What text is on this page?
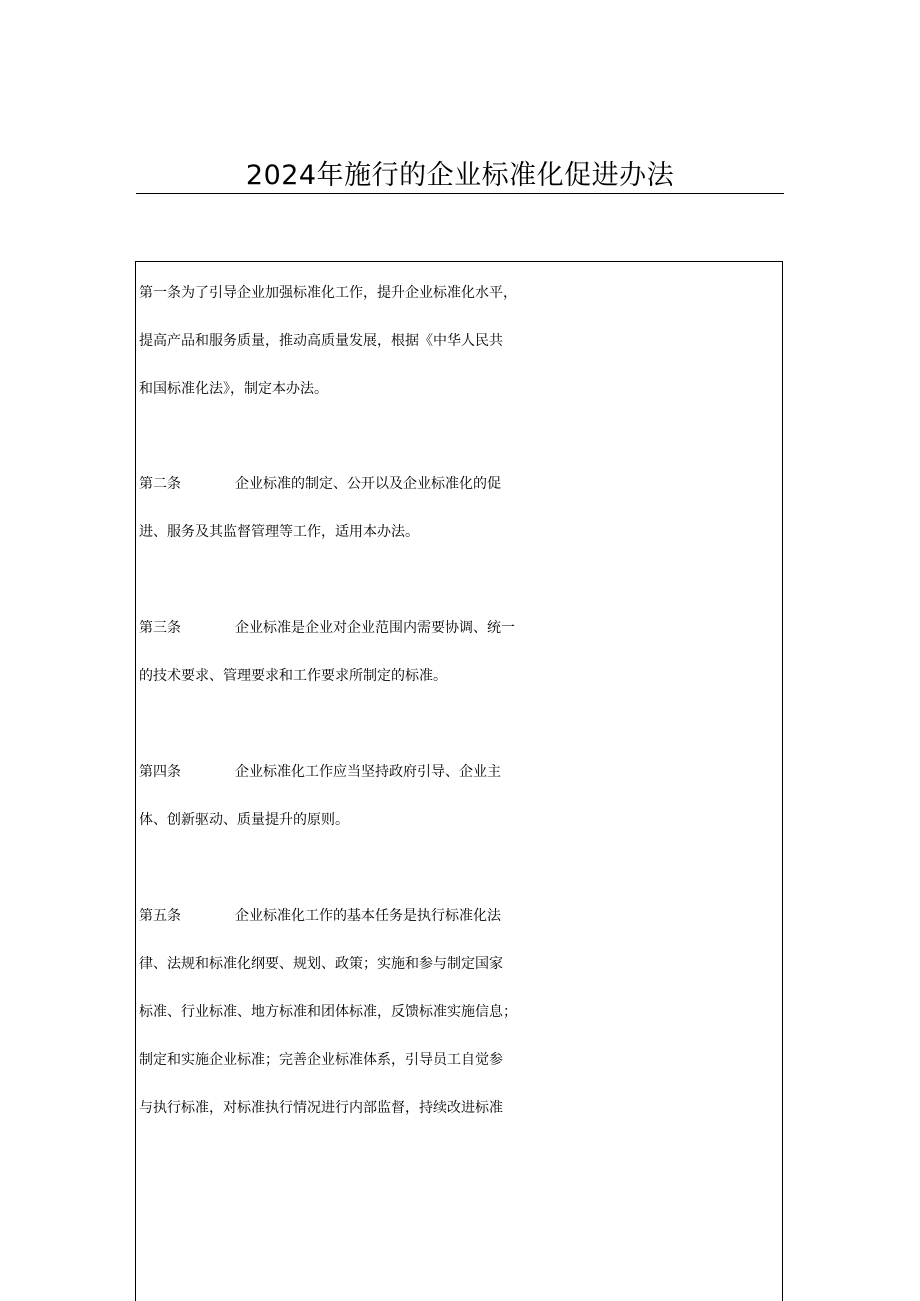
2024年施行的企业标准化促进办法
第一条为了引导企业加强标准化工作，提升企业标准化水平，
提高产品和服务质量，推动高质量发展，根据《中华人民共
和国标准化法》，制定本办法。
第二条	企业标准的制定、公开以及企业标准化的促
进、服务及其监督管理等工作，适用本办法。
第三条	企业标准是企业对企业范围内需要协调、统一
的技术要求、管理要求和工作要求所制定的标准。
第四条	企业标准化工作应当坚持政府引导、企业主
体、创新驱动、质量提升的原则。
第五条	企业标准化工作的基本任务是执行标准化法
律、法规和标准化纲要、规划、政策；实施和参与制定国家
标准、行业标准、地方标准和团体标准，反馈标准实施信息；
制定和实施企业标准；完善企业标准体系，引导员工自觉参
与执行标准，对标准执行情况进行内部监督，持续改进标准
